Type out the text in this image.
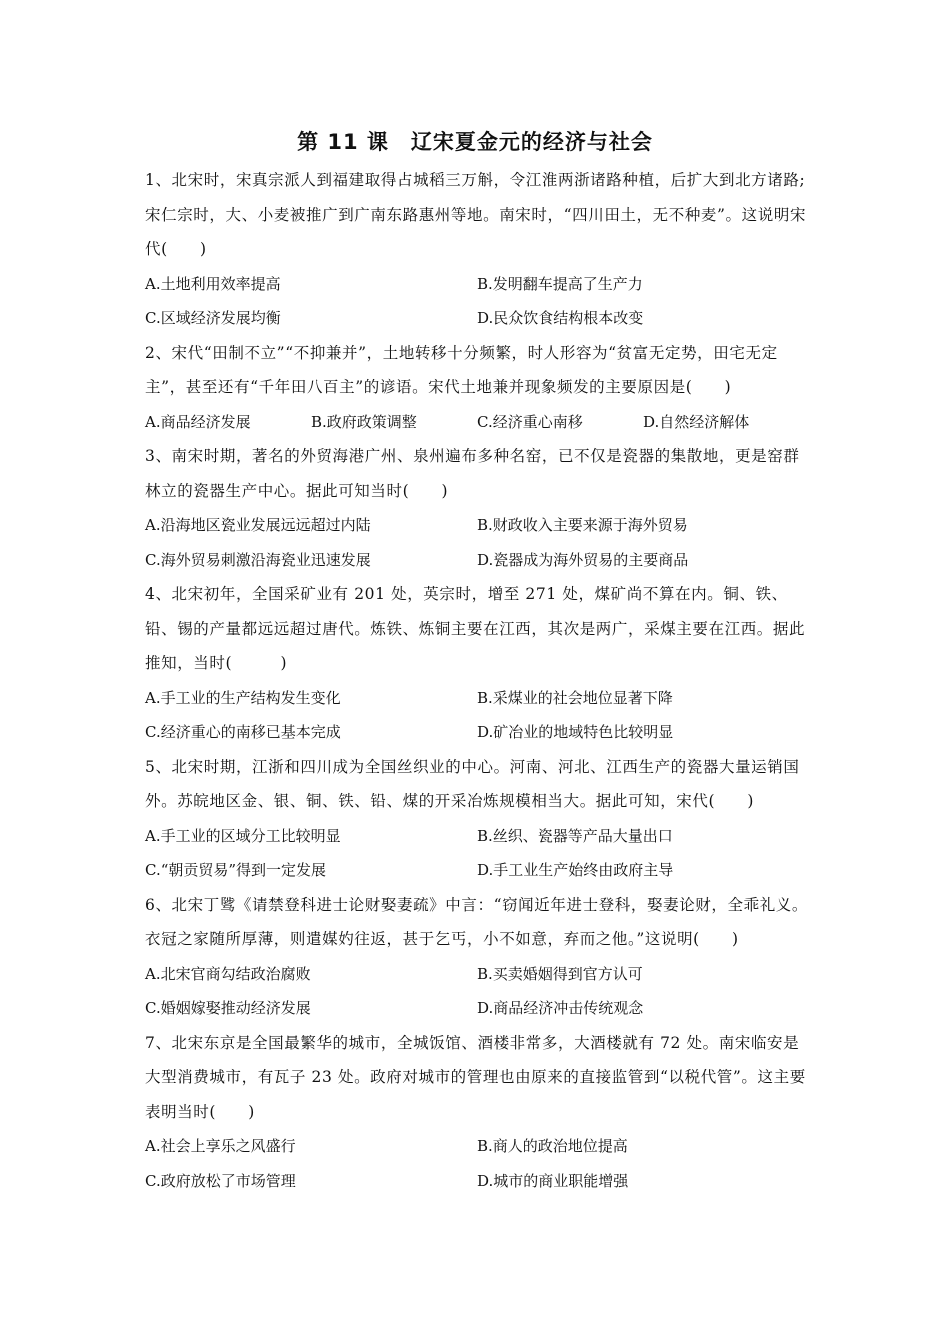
第 11 课　辽宋夏金元的经济与社会

1、北宋时，宋真宗派人到福建取得占城稻三万斛，令江淮两浙诸路种植，后扩大到北方诸路;宋仁宗时，大、小麦被推广到广南东路惠州等地。南宋时，“四川田土，无不种麦”。这说明宋代(　　)

A.土地利用效率提高	B.发明翻车提高了生产力
C.区域经济发展均衡	D.民众饮食结构根本改变

2、宋代“田制不立”“不抑兼并”，土地转移十分频繁，时人形容为“贫富无定势，田宅无定主”，甚至还有“千年田八百主”的谚语。宋代土地兼并现象频发的主要原因是(　　)

A.商品经济发展	B.政府政策调整	C.经济重心南移	D.自然经济解体

3、南宋时期，著名的外贸海港广州、泉州遍布多种名窑，已不仅是瓷器的集散地，更是窑群林立的瓷器生产中心。据此可知当时(　　)

A.沿海地区瓷业发展远远超过内陆	B.财政收入主要来源于海外贸易
C.海外贸易刺激沿海瓷业迅速发展	D.瓷器成为海外贸易的主要商品

4、北宋初年，全国采矿业有 201 处，英宗时，增至 271 处，煤矿尚不算在内。铜、铁、铅、锡的产量都远远超过唐代。炼铁、炼铜主要在江西，其次是两广，采煤主要在江西。据此推知，当时(　　　)

A.手工业的生产结构发生变化	B.采煤业的社会地位显著下降
C.经济重心的南移已基本完成	D.矿冶业的地域特色比较明显

5、北宋时期，江浙和四川成为全国丝织业的中心。河南、河北、江西生产的瓷器大量运销国外。苏皖地区金、银、铜、铁、铅、煤的开采冶炼规模相当大。据此可知，宋代(　　)

A.手工业的区域分工比较明显	B.丝织、瓷器等产品大量出口
C.“朝贡贸易”得到一定发展	D.手工业生产始终由政府主导

6、北宋丁骘《请禁登科进士论财娶妻疏》中言：“窃闻近年进士登科，娶妻论财，全乖礼义。衣冠之家随所厚薄，则遣媒妁往返，甚于乞丐，小不如意，弃而之他。”这说明(　　)

A.北宋官商勾结政治腐败	B.买卖婚姻得到官方认可
C.婚姻嫁娶推动经济发展	D.商品经济冲击传统观念

7、北宋东京是全国最繁华的城市，全城饭馆、酒楼非常多，大酒楼就有 72 处。南宋临安是大型消费城市，有瓦子 23 处。政府对城市的管理也由原来的直接监管到“以税代管”。这主要表明当时(　　)

A.社会上享乐之风盛行	B.商人的政治地位提高
C.政府放松了市场管理	D.城市的商业职能增强
